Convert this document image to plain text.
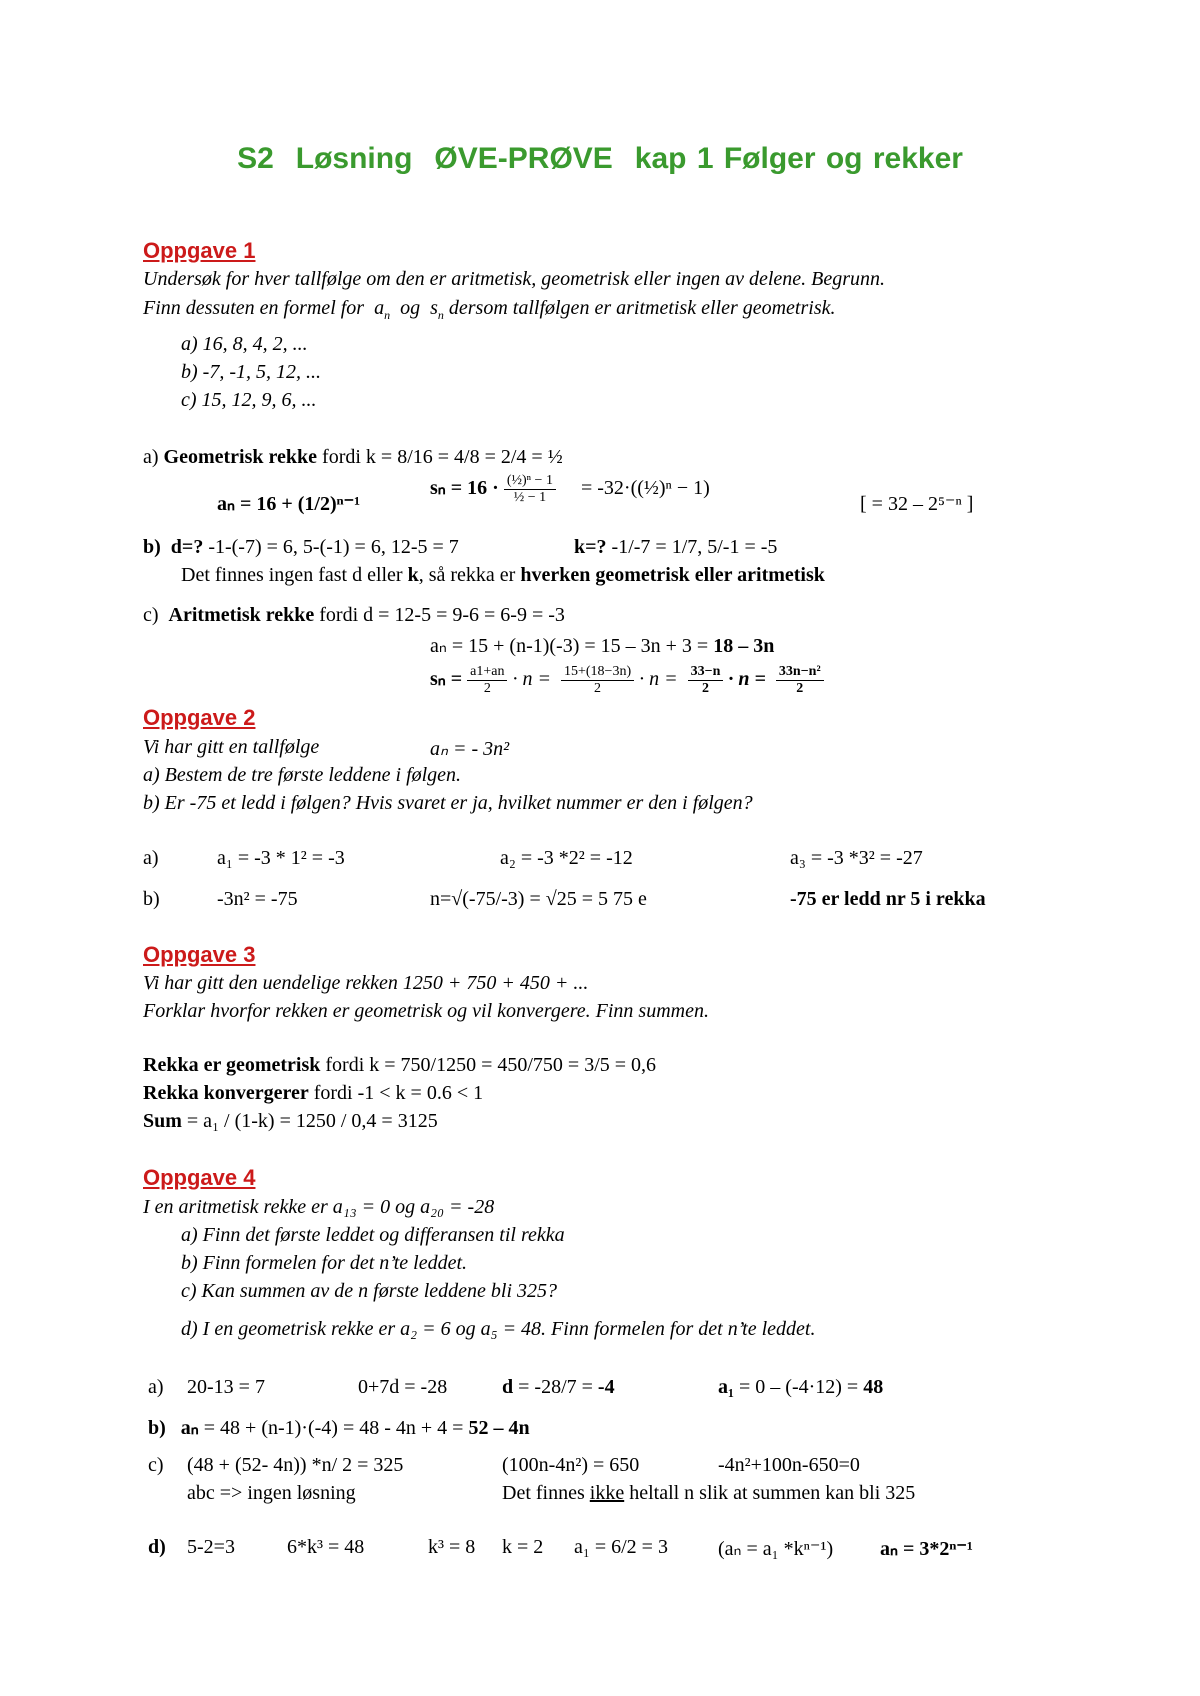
S2 Løsning ØVE-PRØVE kap 1 Følger og rekker
Oppgave 1
Undersøk for hver tallfølge om den er aritmetisk, geometrisk eller ingen av delene. Begrunn.
Finn dessuten en formel for $a_n$ og $s_n$ dersom tallfølgen er aritmetisk eller geometrisk.
a) 16, 8, 4, 2, ...
b) -7, -1, 5, 12, ...
c) 15, 12, 9, 6, ...
a) Geometrisk rekke fordi k = 8/16 = 4/8 = 2/4 = ½
aₙ = 16 + (1/2)ⁿ⁻¹
$s_n = 16 \cdot \frac{\text{(½)ⁿ − 1}}{\text{½ − 1}}$ = -32·((½)ⁿ − 1)
[ = 32 – 2⁵⁻ⁿ ]
b) d=? -1-(-7) = 6, 5-(-1) = 6, 12-5 = 7	k=? -1/-7 = 1/7, 5/-1 = -5
Det finnes ingen fast d eller k, så rekka er hverken geometrisk eller aritmetisk
c) Aritmetisk rekke fordi d = 12-5 = 9-6 = 6-9 = -3
aₙ = 15 + (n-1)(-3) = 15 – 3n + 3 = 18 – 3n
$s_n = \frac{a1+an}{2} \cdot n = \frac{15+(18-3n)}{2} \cdot n = \frac{33-n}{2} \cdot n = \frac{\text{33n−n²}}{2}$
Oppgave 2
Vi har gitt en tallfølge	aₙ = - 3n²
a) Bestem de tre første leddene i følgen.
b) Er -75 et ledd i følgen? Hvis svaret er ja, hvilket nummer er den i følgen?
a)	a₁ = -3 * 1² = -3	a₂ = -3 *2² = -12	a₃ = -3 *3² = -27
b)	-3n² = -75	n=√(-75/-3) = √25 = 5 75 e	-75 er ledd nr 5 i rekka
Oppgave 3
Vi har gitt den uendelige rekken 1250 + 750 + 450 + ...
Forklar hvorfor rekken er geometrisk og vil konvergere. Finn summen.
Rekka er geometrisk fordi k = 750/1250 = 450/750 = 3/5 = 0,6
Rekka konvergerer fordi -1 < k = 0.6 < 1
Sum = a₁ / (1-k) = 1250 / 0,4 = 3125
Oppgave 4
I en aritmetisk rekke er a₁₃ = 0 og a₂₀ = -28
a) Finn det første leddet og differansen til rekka
b) Finn formelen for det n’te leddet.
c) Kan summen av de n første leddene bli 325?
d) I en geometrisk rekke er a₂ = 6 og a₅ = 48. Finn formelen for det n’te leddet.
a) 20-13 = 7	0+7d = -28	d = -28/7 = -4	a₁ = 0 – (-4·12) = 48
b) aₙ = 48 + (n-1)·(-4) = 48 - 4n + 4 = 52 – 4n
c) (48 + (52- 4n)) *n/ 2 = 325	(100n-4n²) = 650	-4n²+100n-650=0
abc => ingen løsning	Det finnes ikke heltall n slik at summen kan bli 325
d) 5-2=3	6*k³ = 48	k³ = 8 k = 2 a₁ = 6/2 = 3	(aₙ = a₁ *kⁿ⁻¹) aₙ = 3*2ⁿ⁻¹
